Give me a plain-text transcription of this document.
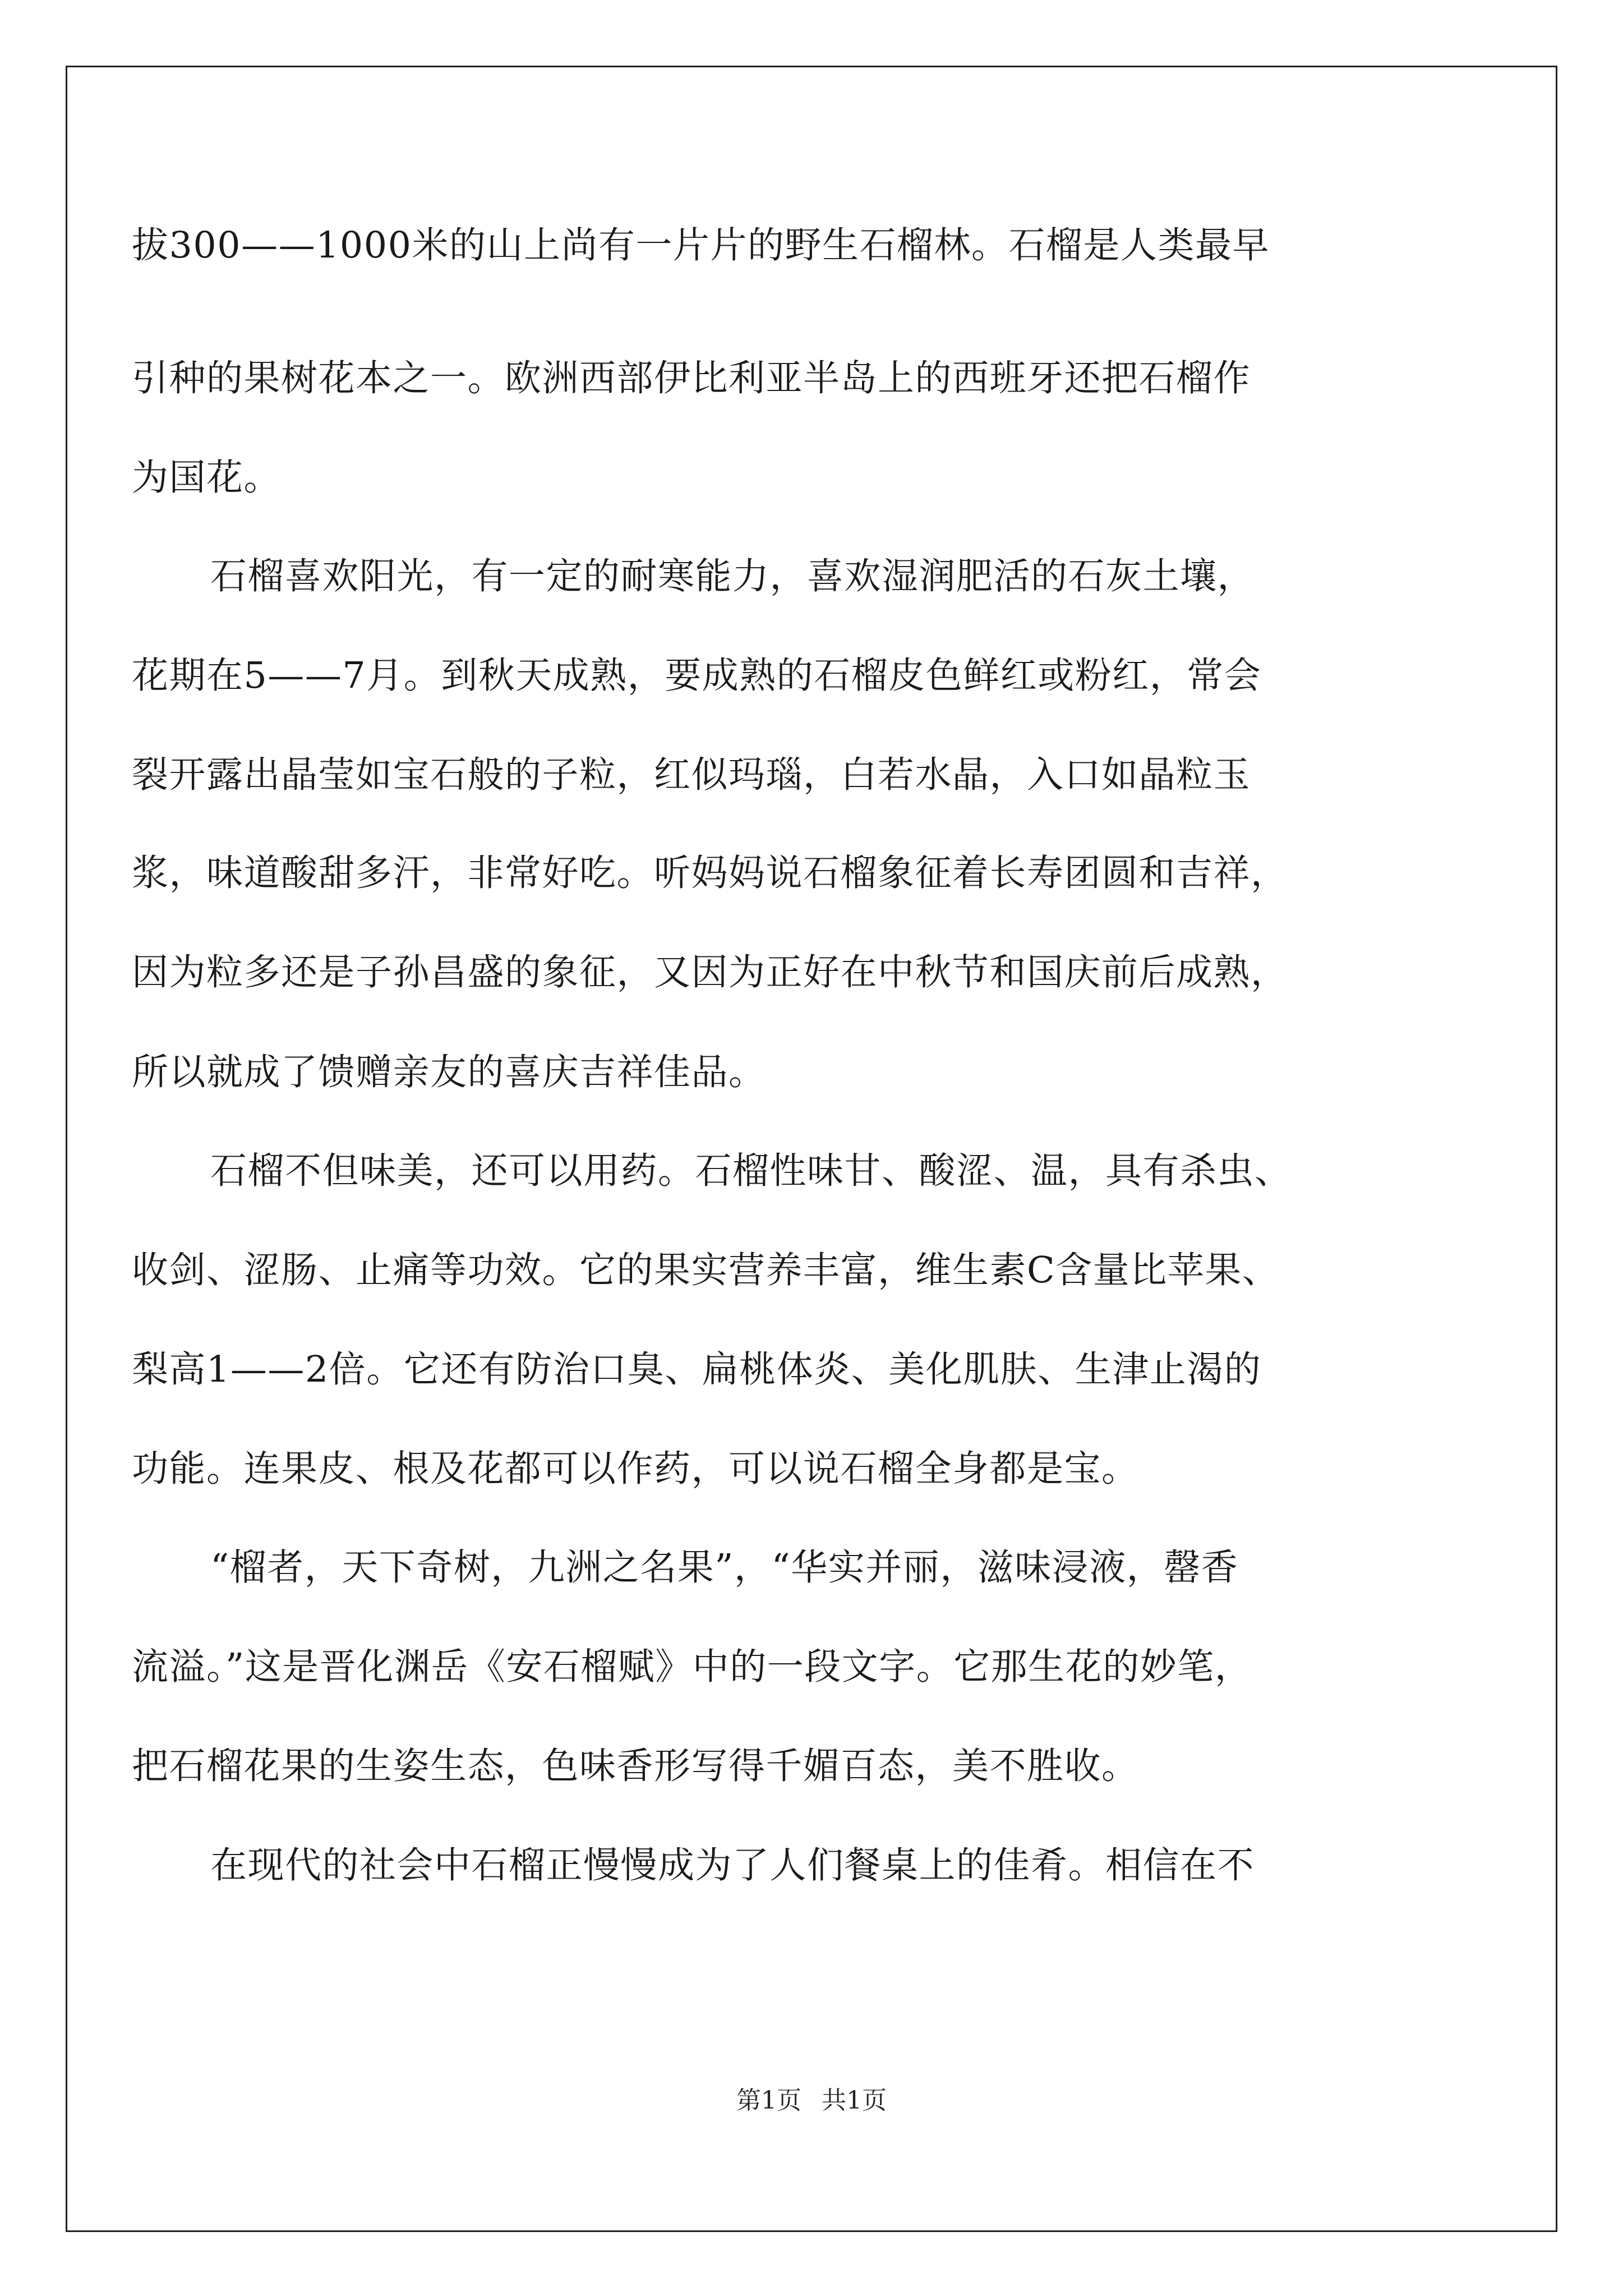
拔300——1000米的山上尚有一片片的野生石榴林。石榴是人类最早
引种的果树花本之一。欧洲西部伊比利亚半岛上的西班牙还把石榴作
为国花。
石榴喜欢阳光，有一定的耐寒能力，喜欢湿润肥活的石灰土壤，
花期在5——7月。到秋天成熟，要成熟的石榴皮色鲜红或粉红，常会
裂开露出晶莹如宝石般的子粒，红似玛瑙，白若水晶，入口如晶粒玉
浆，味道酸甜多汗，非常好吃。听妈妈说石榴象征着长寿团圆和吉祥，
因为粒多还是子孙昌盛的象征，又因为正好在中秋节和国庆前后成熟，
所以就成了馈赠亲友的喜庆吉祥佳品。
石榴不但味美，还可以用药。石榴性味甘、酸涩、温，具有杀虫、
收剑、涩肠、止痛等功效。它的果实营养丰富，维生素C含量比苹果、
梨高1——2倍。它还有防治口臭、扁桃体炎、美化肌肤、生津止渴的
功能。连果皮、根及花都可以作药，可以说石榴全身都是宝。
“榴者，天下奇树，九洲之名果”，“华实并丽，滋味浸液，罄香
流溢。”这是晋化渊岳《安石榴赋》中的一段文字。它那生花的妙笔，
把石榴花果的生姿生态，色味香形写得千媚百态，美不胜收。
在现代的社会中石榴正慢慢成为了人们餐桌上的佳肴。相信在不
第1页 共1页
